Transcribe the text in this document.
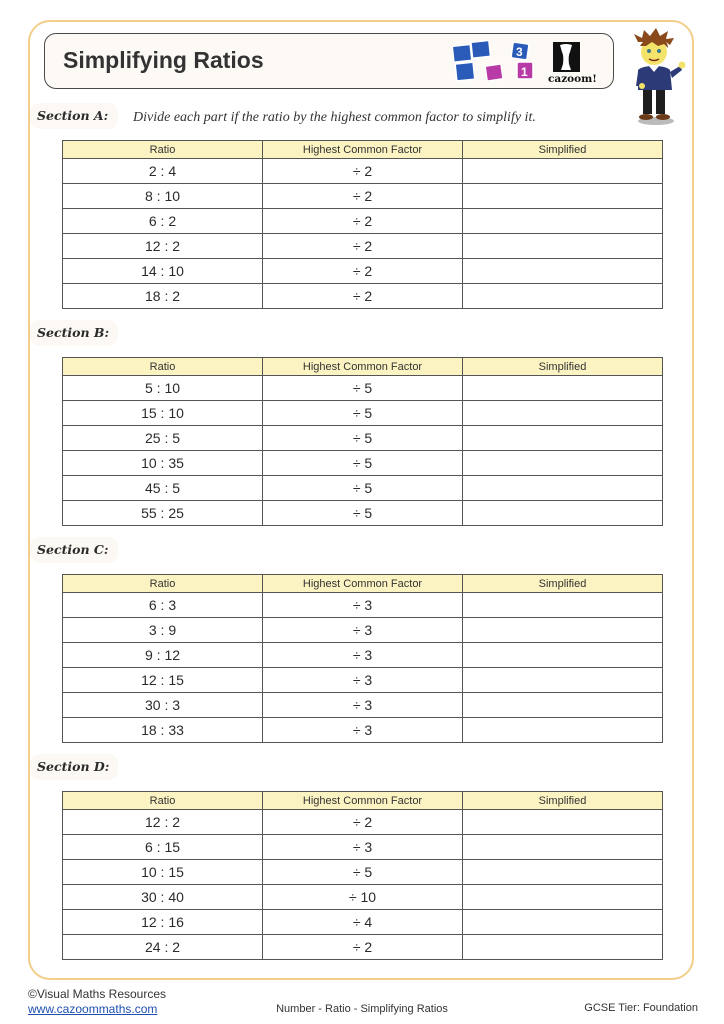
Simplifying Ratios	3
1 cazoom!
Section A: Divide each part if the ratio by the highest common factor to simplify it.
Ratio	Highest Common Factor	Simplified
2 : 4	÷ 2	
8 : 10	÷ 2	
6 : 2	÷ 2	
12 : 2	÷ 2	
14 : 10	÷ 2	
18 : 2	÷ 2	
Section B:
Ratio	Highest Common Factor	Simplified
5 : 10	÷ 5	
15 : 10	÷ 5	
25 : 5	÷ 5	
10 : 35	÷ 5	
45 : 5	÷ 5	
55 : 25	÷ 5	
Section C:
Ratio	Highest Common Factor	Simplified
6 : 3	÷ 3	
3 : 9	÷ 3	
9 : 12	÷ 3	
12 : 15	÷ 3	
30 : 3	÷ 3	
18 : 33	÷ 3	
Section D:
Ratio	Highest Common Factor	Simplified
12 : 2	÷ 2	
6 : 15	÷ 3	
10 : 15	÷ 5	
30 : 40	÷ 10	
12 : 16	÷ 4	
24 : 2	÷ 2	
©Visual Maths Resources
www.cazoommaths.com	Number - Ratio - Simplifying Ratios	GCSE Tier: Foundation
